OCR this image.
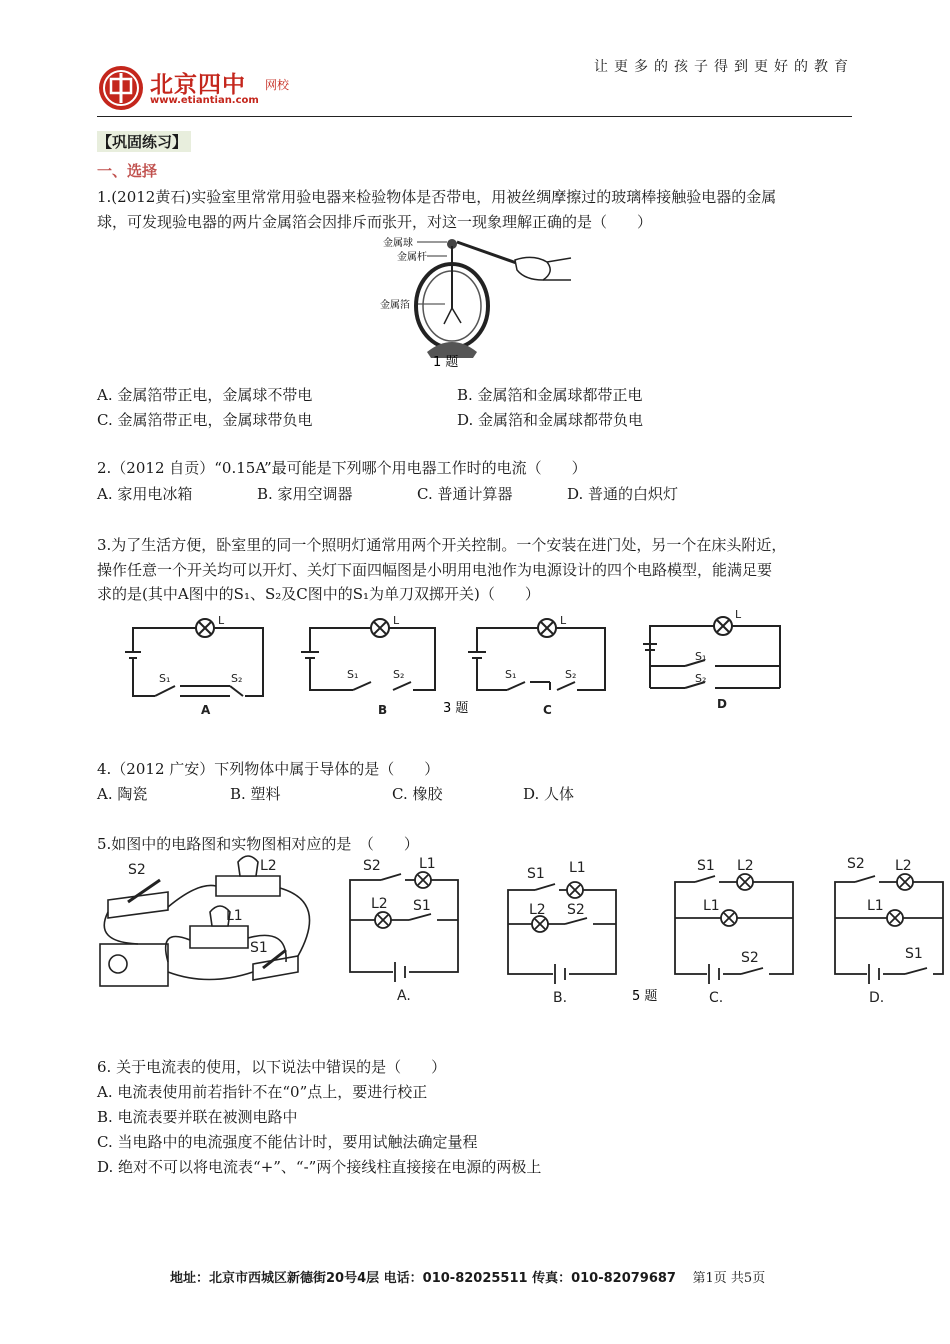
让更多的孩子得到更好的教育
北京四中 网校
www.etiantian.com
【巩固练习】
一、选择
1.(2012黄石)实验室里常常用验电器来检验物体是否带电，用被丝绸摩擦过的玻璃棒接触验电器的金属
球，可发现验电器的两片金属箔会因排斥而张开，对这一现象理解正确的是（　　）
金属球
金属杆
金属箔
1 题
A. 金属箔带正电，金属球不带电	B. 金属箔和金属球都带正电
C. 金属箔带正电，金属球带负电	D. 金属箔和金属球都带负电
2.（2012 自贡）“0.15A”最可能是下列哪个用电器工作时的电流（　　）
A. 家用电冰箱	B. 家用空调器	C. 普通计算器	D. 普通的白炽灯
3.为了生活方便，卧室里的同一个照明灯通常用两个开关控制。一个安装在进门处，另一个在床头附近，
操作任意一个开关均可以开灯、关灯下面四幅图是小明用电池作为电源设计的四个电路模型，能满足要
求的是(其中A图中的S₁、S₂及C图中的S₁为单刀双掷开关)（　　）
L
S₁	S₂
L
S₁	S₂
L
S₁	S₂
L
S₁
S₂
A	B	C	D
3 题
4.（2012 广安）下列物体中属于导体的是（　　）
A. 陶瓷	B. 塑料	C. 橡胶	D. 人体
5.如图中的电路图和实物图相对应的是　（　　）
S2	L2
L1
S1
S2	L1
L2 S1
S1 L1
L2 S2
S1 L2
L1
S2
S2 L2
L1
S1
A.	B.	C.	D.
5 题
6. 关于电流表的使用，以下说法中错误的是（　　）
A. 电流表使用前若指针不在“0”点上，要进行校正
B. 电流表要并联在被测电路中
C. 当电路中的电流强度不能估计时，要用试触法确定量程
D. 绝对不可以将电流表“+”、“-”两个接线柱直接接在电源的两极上
地址：北京市西城区新德街20号4层 电话：010-82025511 传真：010-82079687 第1页 共5页
